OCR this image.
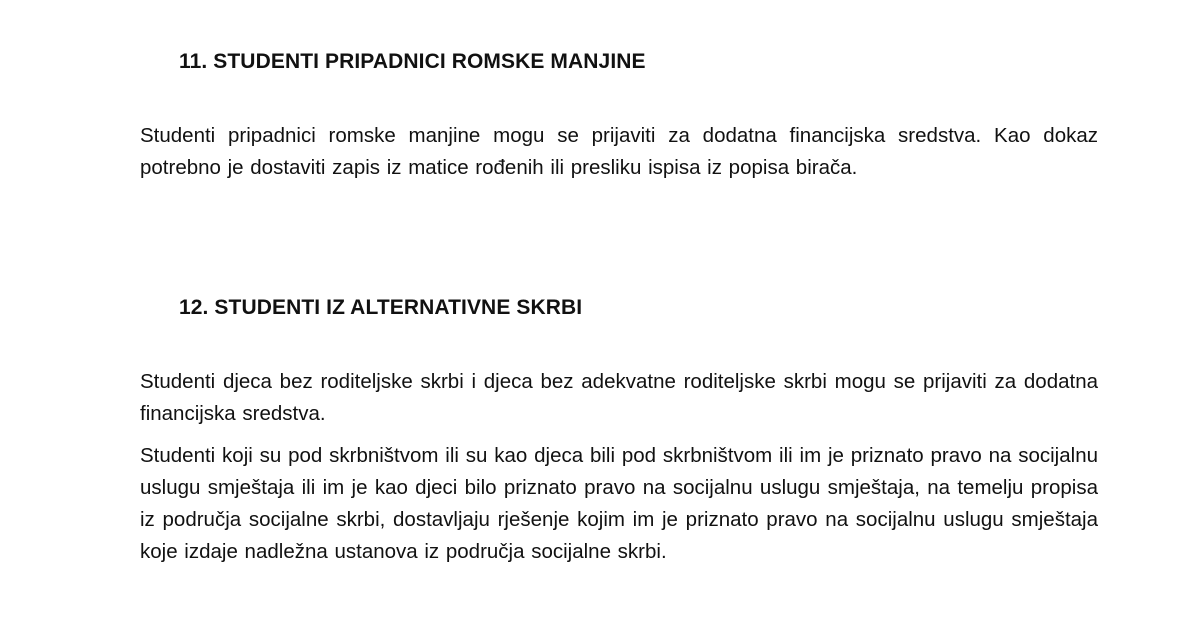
11. STUDENTI PRIPADNICI ROMSKE MANJINE

Studenti pripadnici romske manjine mogu se prijaviti za dodatna financijska sredstva. Kao dokaz potrebno je dostaviti zapis iz matice rođenih ili presliku ispisa iz popisa birača.

12. STUDENTI IZ ALTERNATIVNE SKRBI

Studenti djeca bez roditeljske skrbi i djeca bez adekvatne roditeljske skrbi mogu se prijaviti za dodatna financijska sredstva.

Studenti koji su pod skrbništvom ili su kao djeca bili pod skrbništvom ili im je priznato pravo na socijalnu uslugu smještaja ili im je kao djeci bilo priznato pravo na socijalnu uslugu smještaja, na temelju propisa iz područja socijalne skrbi, dostavljaju rješenje kojim im je priznato pravo na socijalnu uslugu smještaja koje izdaje nadležna ustanova iz područja socijalne skrbi.
